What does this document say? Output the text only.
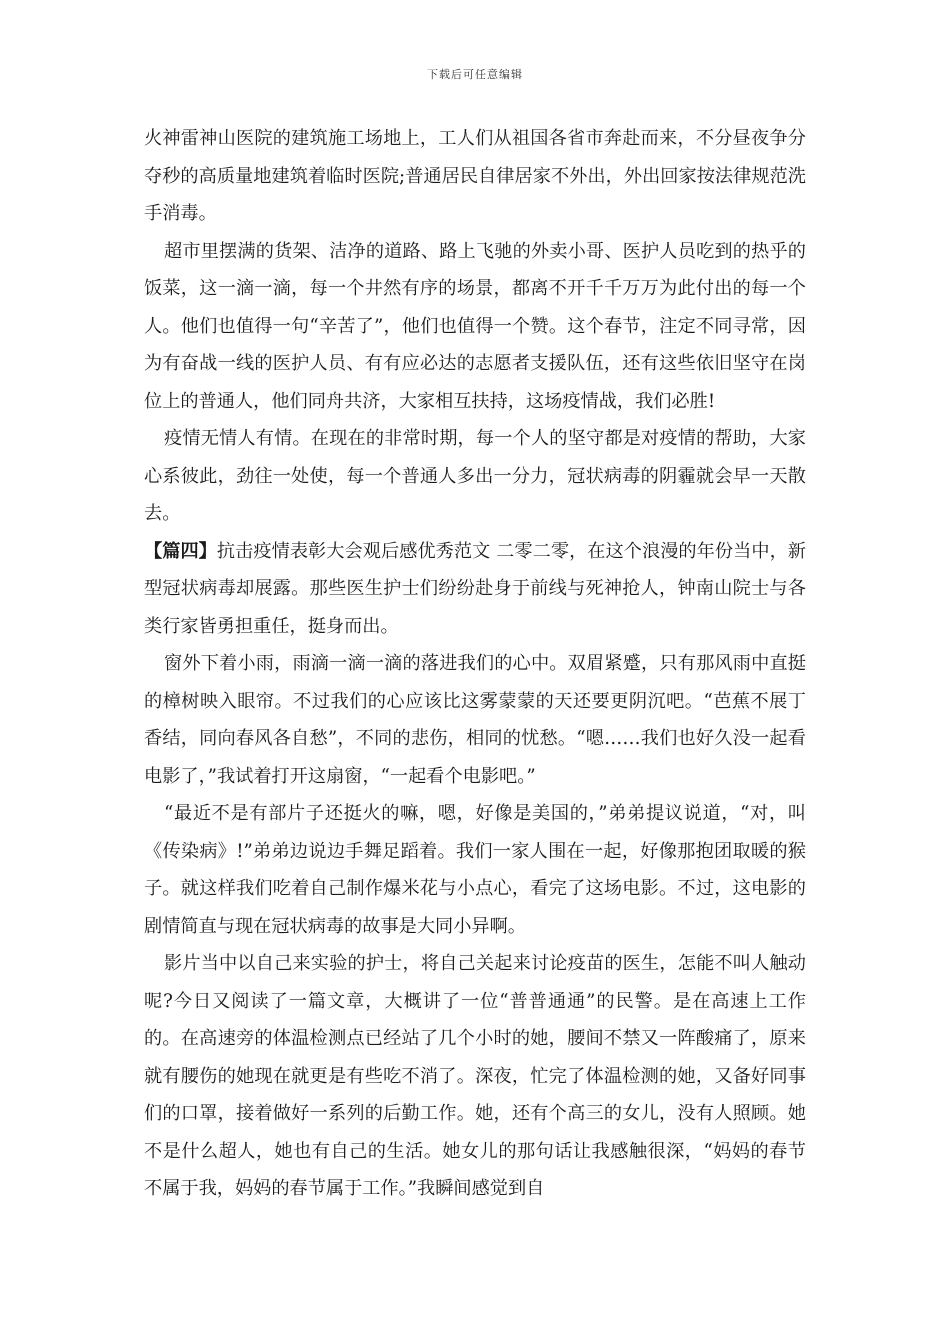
下载后可任意编辑

火神雷神山医院的建筑施工场地上，工人们从祖国各省市奔赴而来，不分昼夜争分夺秒的高质量地建筑着临时医院;普通居民自律居家不外出，外出回家按法律规范洗手消毒。

超市里摆满的货架、洁净的道路、路上飞驰的外卖小哥、医护人员吃到的热乎的饭菜，这一滴一滴，每一个井然有序的场景，都离不开千千万万为此付出的每一个人。他们也值得一句“辛苦了”，他们也值得一个赞。这个春节，注定不同寻常，因为有奋战一线的医护人员、有有应必达的志愿者支援队伍，还有这些依旧坚守在岗位上的普通人，他们同舟共济，大家相互扶持，这场疫情战，我们必胜!

疫情无情人有情。在现在的非常时期，每一个人的坚守都是对疫情的帮助，大家心系彼此，劲往一处使，每一个普通人多出一分力，冠状病毒的阴霾就会早一天散去。

【篇四】抗击疫情表彰大会观后感优秀范文 二零二零，在这个浪漫的年份当中，新型冠状病毒却展露。那些医生护士们纷纷赴身于前线与死神抢人，钟南山院士与各类行家皆勇担重任，挺身而出。

窗外下着小雨，雨滴一滴一滴的落进我们的心中。双眉紧蹙，只有那风雨中直挺的樟树映入眼帘。不过我们的心应该比这雾蒙蒙的天还要更阴沉吧。“芭蕉不展丁香结，同向春风各自愁”，不同的悲伤，相同的忧愁。“嗯……我们也好久没一起看电影了，”我试着打开这扇窗，“一起看个电影吧。”

“最近不是有部片子还挺火的嘛，嗯，好像是美国的，”弟弟提议说道，“对，叫《传染病》!”弟弟边说边手舞足蹈着。我们一家人围在一起，好像那抱团取暖的猴子。就这样我们吃着自己制作爆米花与小点心，看完了这场电影。不过，这电影的剧情简直与现在冠状病毒的故事是大同小异啊。

影片当中以自己来实验的护士，将自己关起来讨论疫苗的医生，怎能不叫人触动呢?今日又阅读了一篇文章，大概讲了一位“普普通通”的民警。是在高速上工作的。在高速旁的体温检测点已经站了几个小时的她，腰间不禁又一阵酸痛了，原来就有腰伤的她现在就更是有些吃不消了。深夜，忙完了体温检测的她，又备好同事们的口罩，接着做好一系列的后勤工作。她，还有个高三的女儿，没有人照顾。她不是什么超人，她也有自己的生活。她女儿的那句话让我感触很深，“妈妈的春节不属于我，妈妈的春节属于工作。”我瞬间感觉到自
